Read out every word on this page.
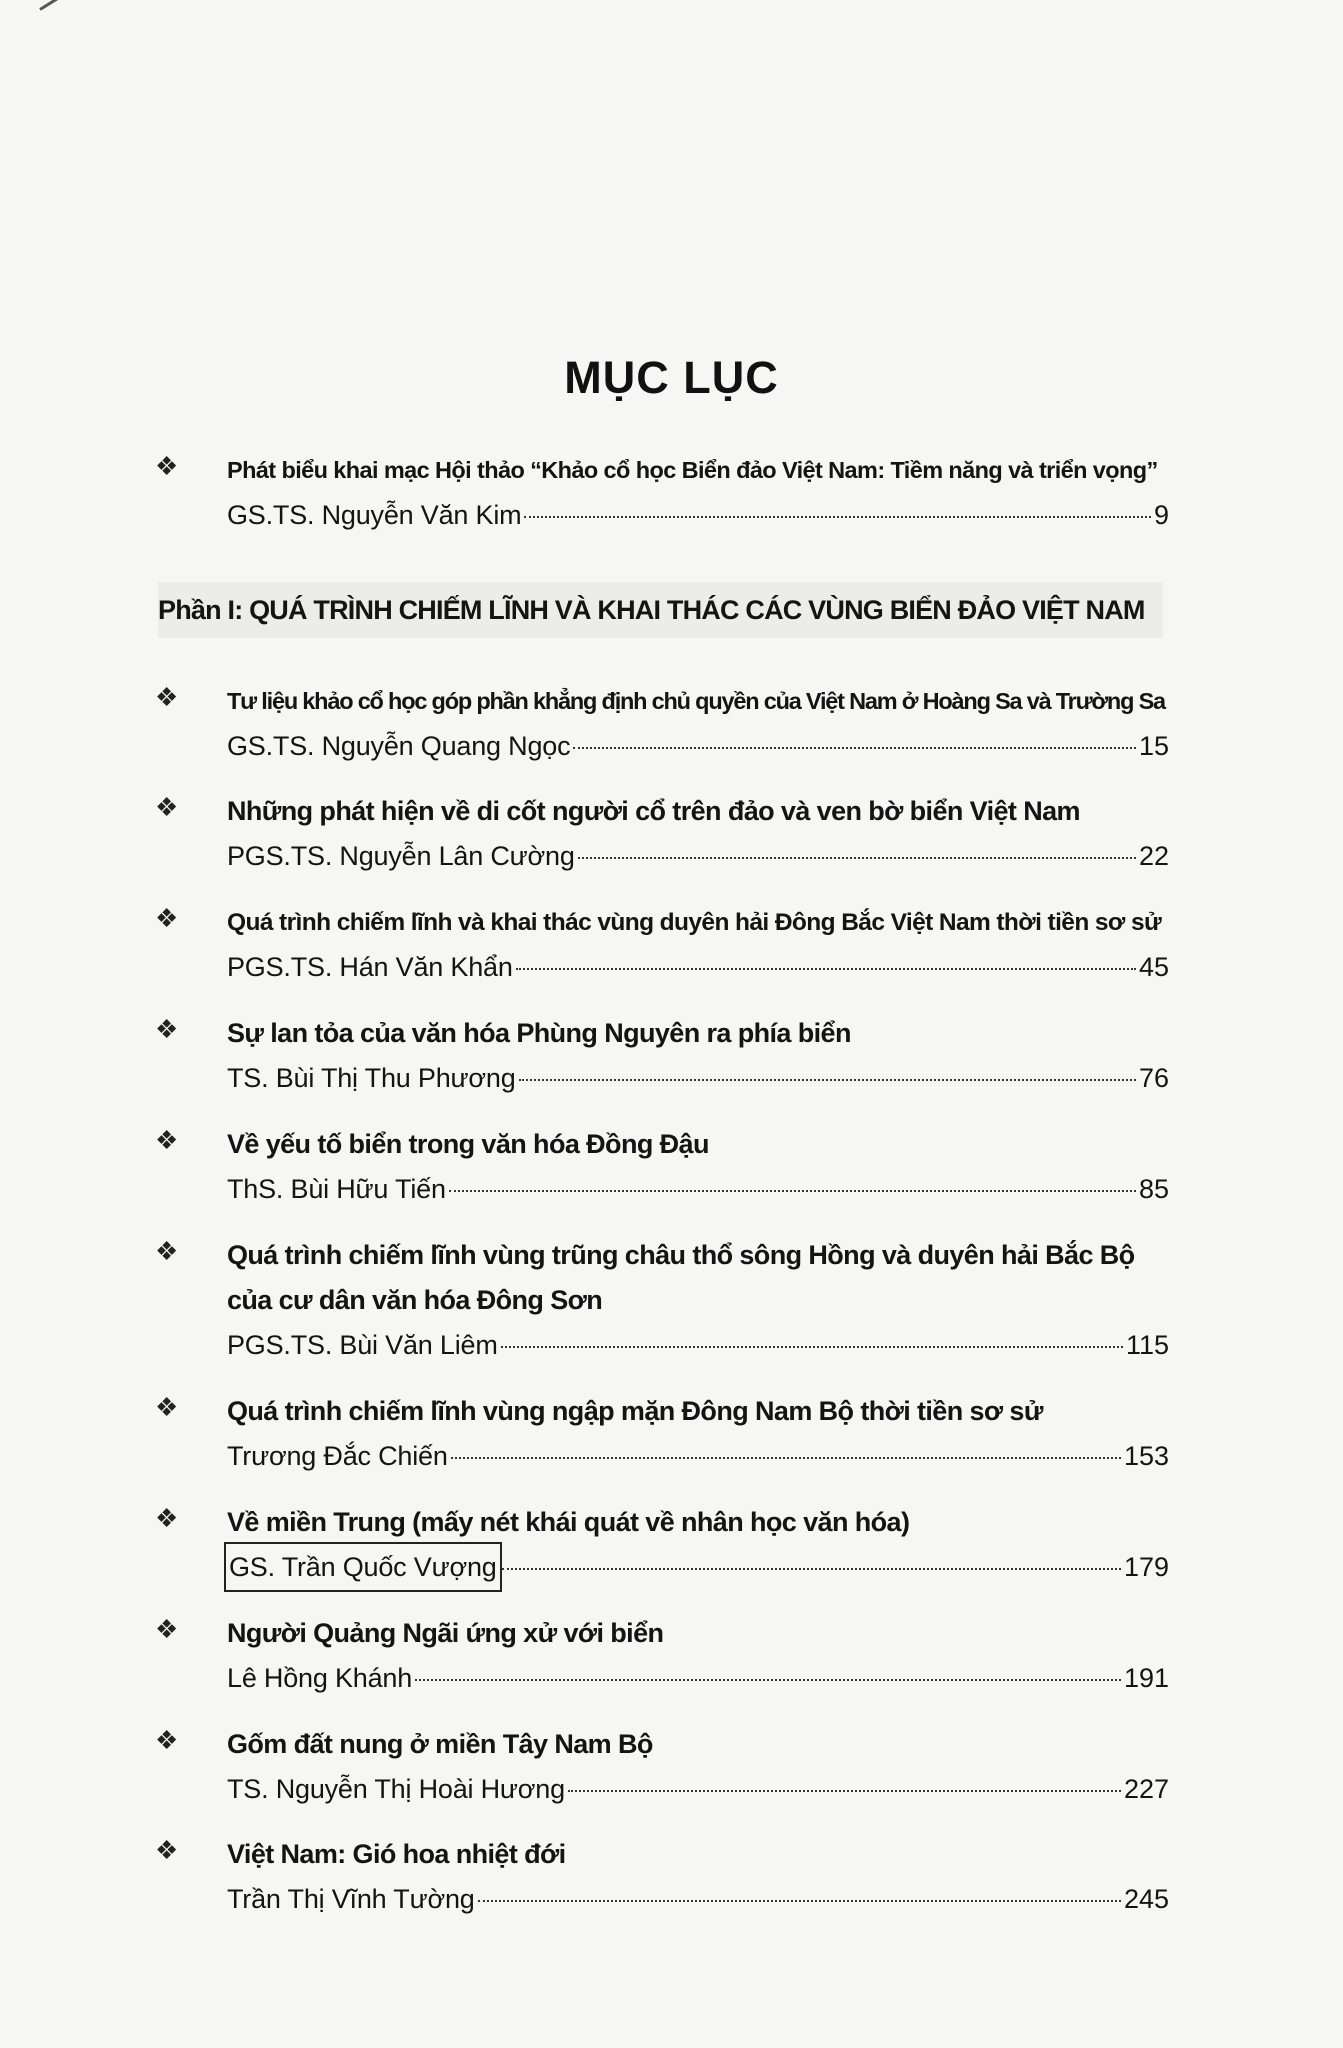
MỤC LỤC
❖	Phát biểu khai mạc Hội thảo “Khảo cổ học Biển đảo Việt Nam: Tiềm năng và triển vọng”
GS.TS. Nguyễn Văn Kim	9
Phần I: QUÁ TRÌNH CHIẾM LĨNH VÀ KHAI THÁC CÁC VÙNG BIỂN ĐẢO VIỆT NAM
❖	Tư liệu khảo cổ học góp phần khẳng định chủ quyền của Việt Nam ở Hoàng Sa và Trường Sa
GS.TS. Nguyễn Quang Ngọc	15
❖	Những phát hiện về di cốt người cổ trên đảo và ven bờ biển Việt Nam
PGS.TS. Nguyễn Lân Cường	22
❖	Quá trình chiếm lĩnh và khai thác vùng duyên hải Đông Bắc Việt Nam thời tiền sơ sử
PGS.TS. Hán Văn Khẩn	45
❖	Sự lan tỏa của văn hóa Phùng Nguyên ra phía biển
TS. Bùi Thị Thu Phương	76
❖	Về yếu tố biển trong văn hóa Đồng Đậu
ThS. Bùi Hữu Tiến	85
❖	Quá trình chiếm lĩnh vùng trũng châu thổ sông Hồng và duyên hải Bắc Bộ
của cư dân văn hóa Đông Sơn
PGS.TS. Bùi Văn Liêm	115
❖	Quá trình chiếm lĩnh vùng ngập mặn Đông Nam Bộ thời tiền sơ sử
Trương Đắc Chiến	153
❖	Về miền Trung (mấy nét khái quát về nhân học văn hóa)
GS. Trần Quốc Vượng	179
❖	Người Quảng Ngãi ứng xử với biển
Lê Hồng Khánh	191
❖	Gốm đất nung ở miền Tây Nam Bộ
TS. Nguyễn Thị Hoài Hương	227
❖	Việt Nam: Gió hoa nhiệt đới
Trần Thị Vĩnh Tường	245
